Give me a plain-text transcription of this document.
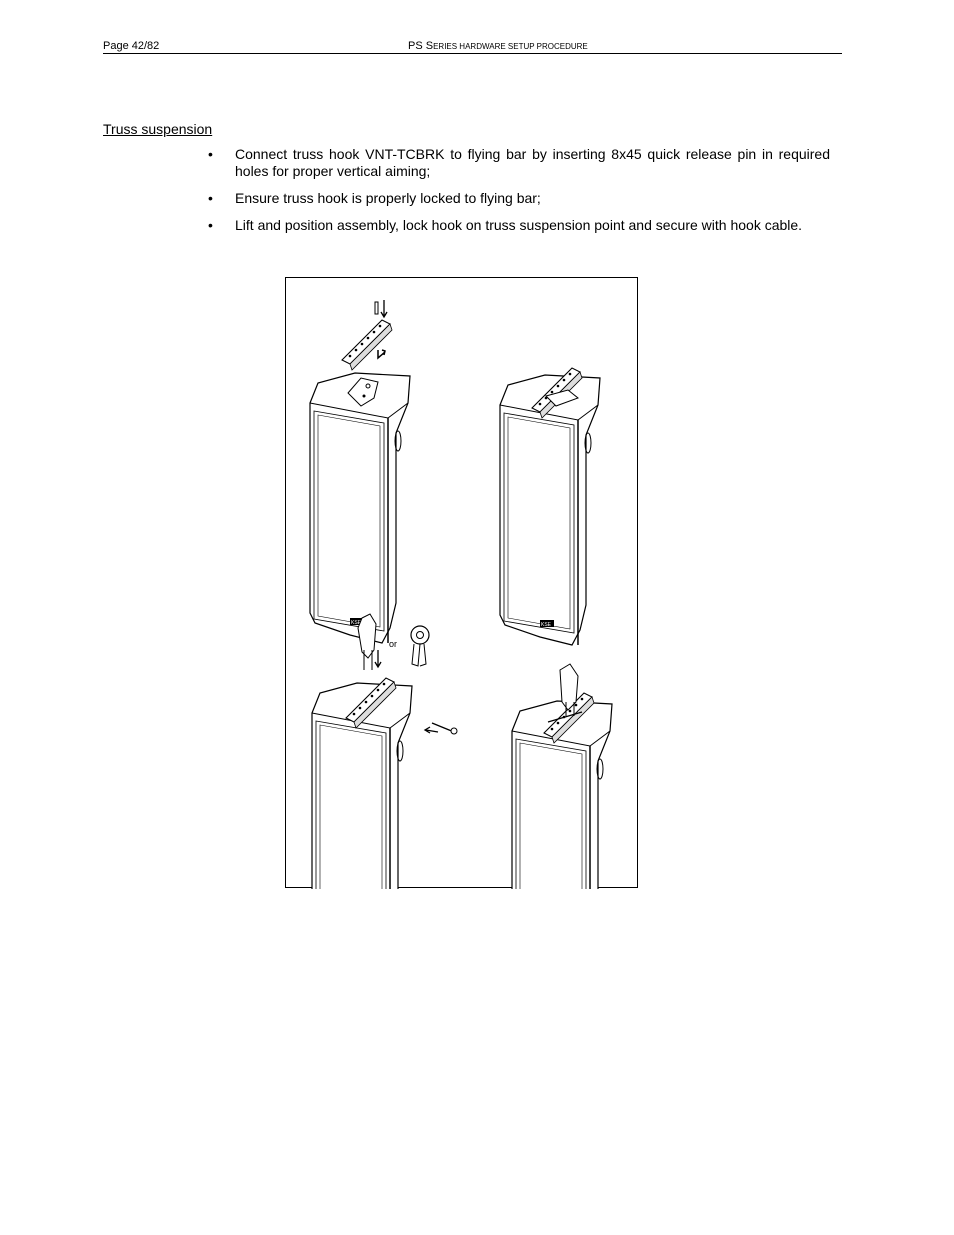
Page 42/82	PS SERIES HARDWARE SETUP PROCEDURE
Truss suspension
• Connect truss hook VNT-TCBRK to flying bar by inserting 8x45 quick release pin in required holes for proper vertical aiming;
• Ensure truss hook is properly locked to flying bar;
• Lift and position assembly, lock hook on truss suspension point and secure with hook cable.
or
